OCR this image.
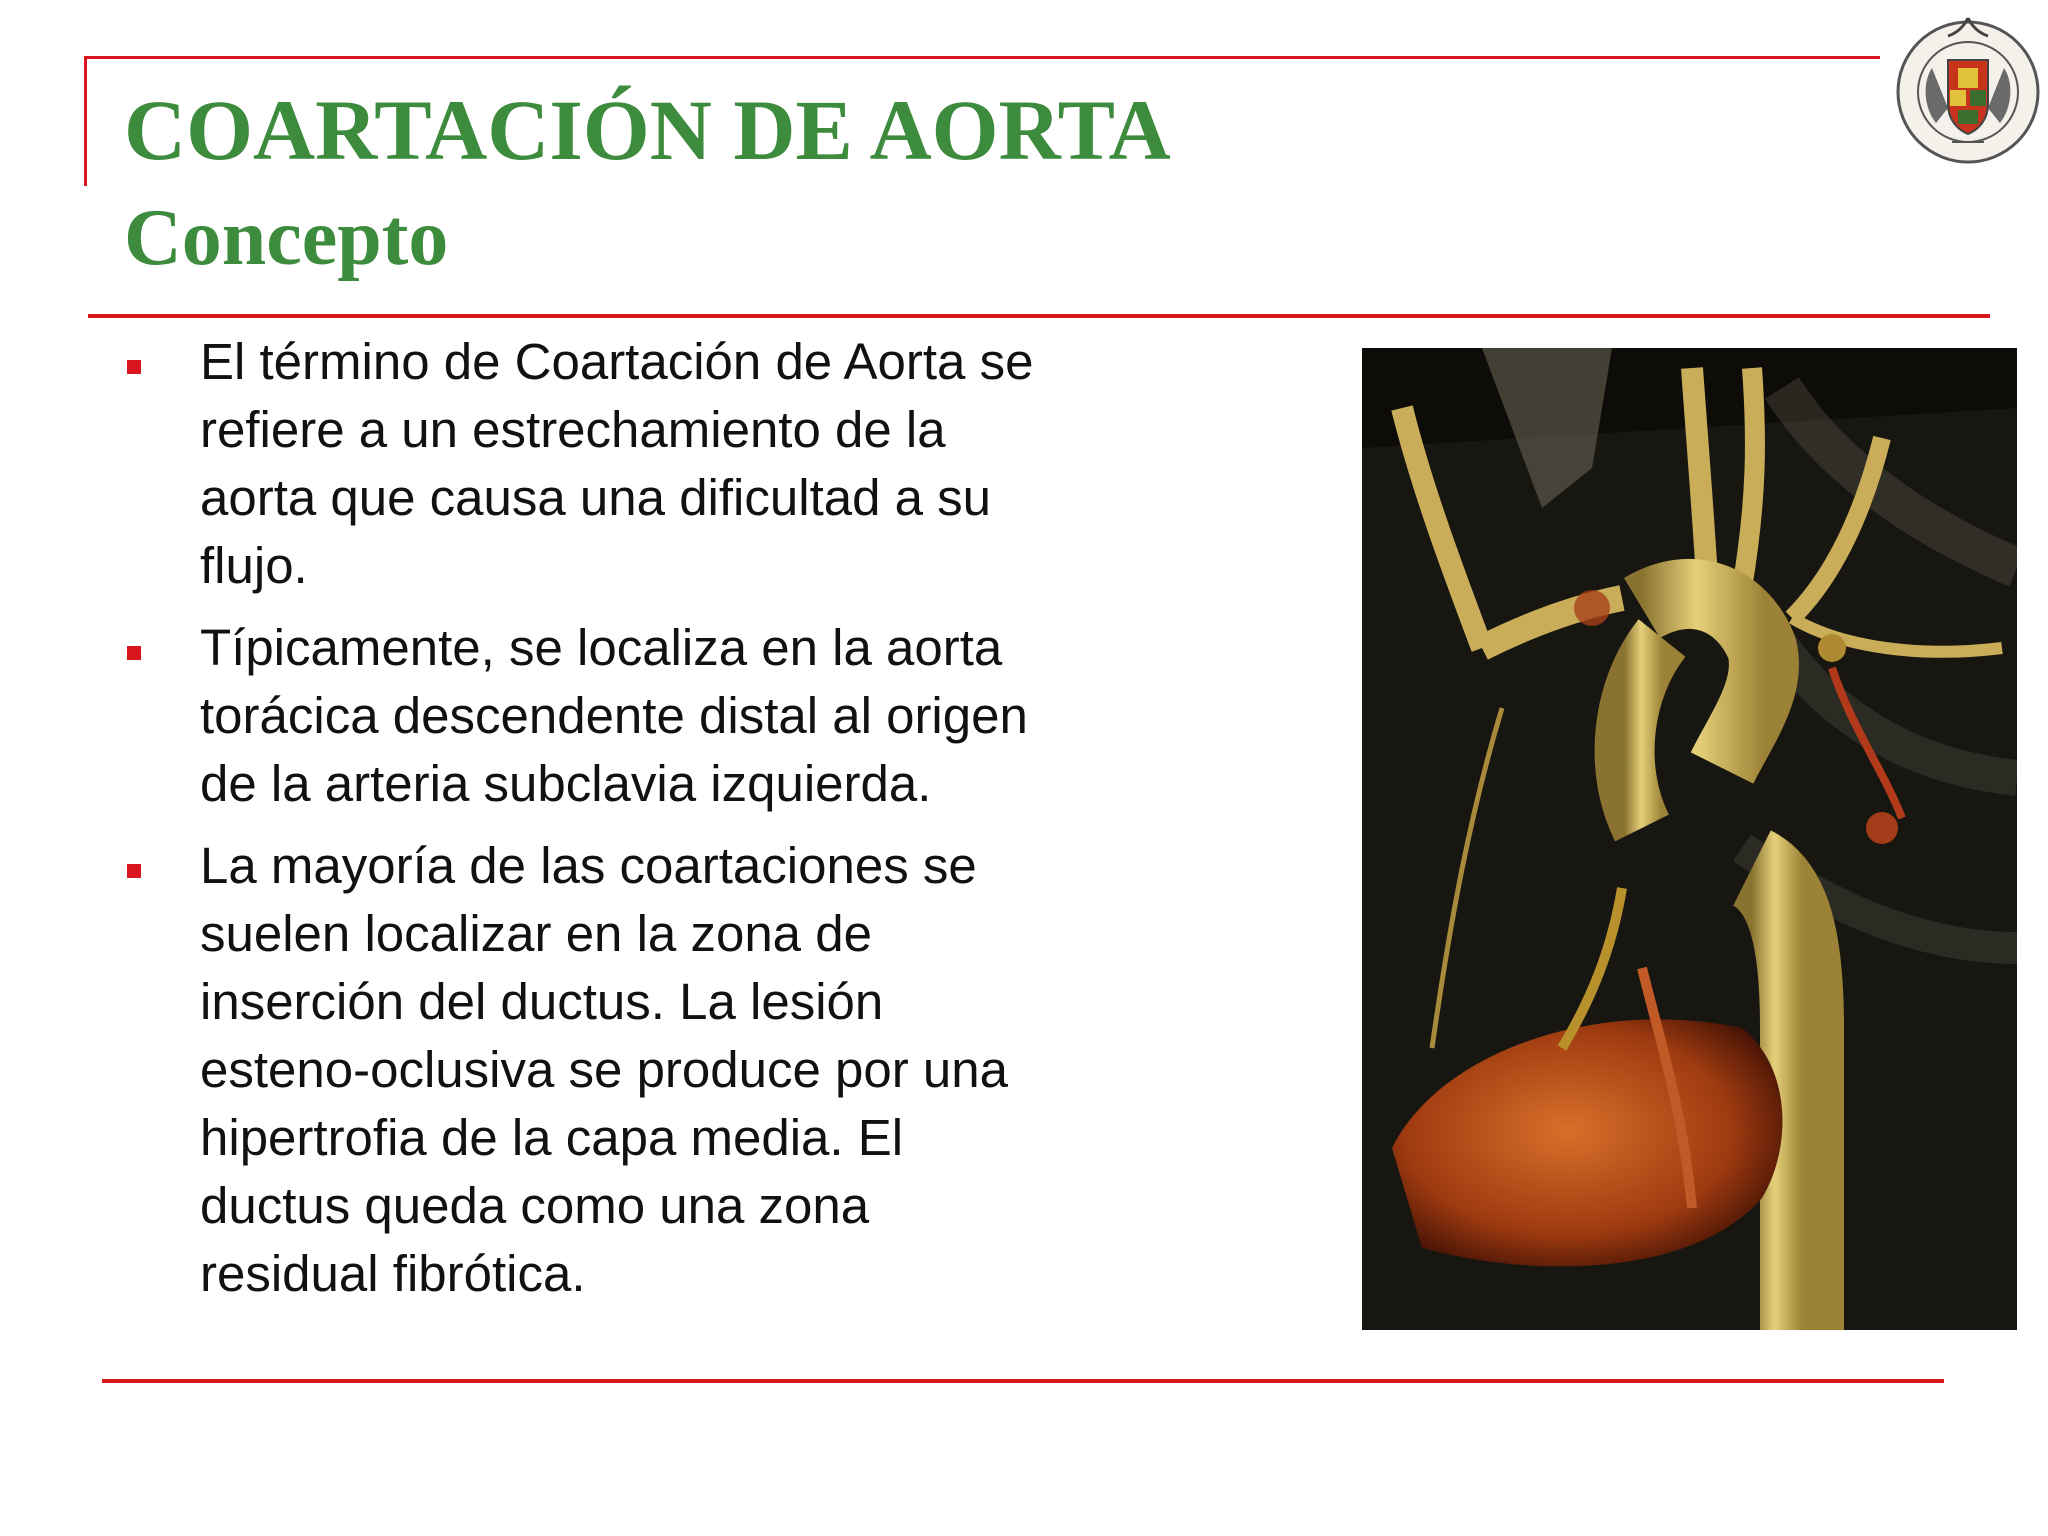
COARTACIÓN DE AORTA
Concepto
El término de Coartación de Aorta se
refiere a un estrechamiento de la
aorta que causa una dificultad a su
flujo.
Típicamente, se localiza en la aorta
torácica descendente distal al origen
de la arteria subclavia izquierda.
La mayoría de las coartaciones se
suelen localizar en la zona de
inserción del ductus. La lesión
esteno-oclusiva se produce por una
hipertrofia de la capa media. El
ductus queda como una zona
residual fibrótica.
